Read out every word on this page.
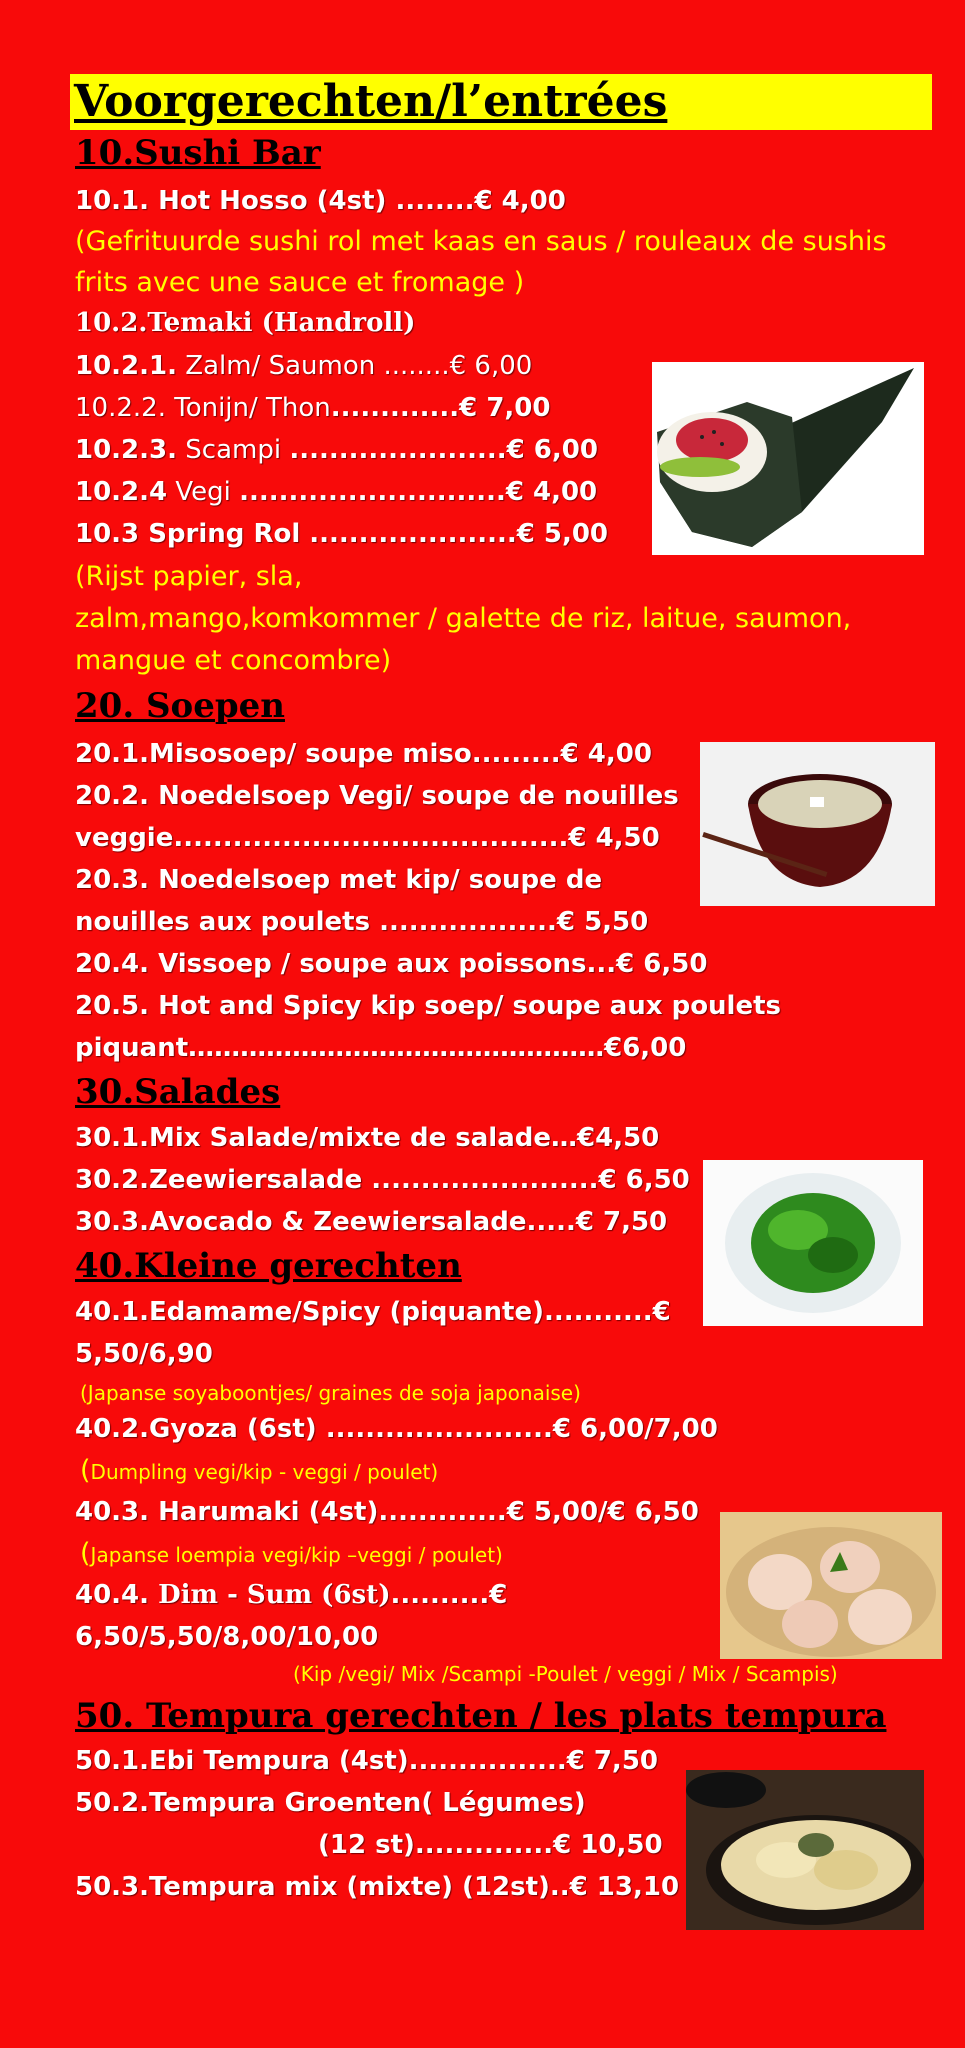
Voorgerechten/l’entrées
10.Sushi Bar
10.1. Hot Hosso (4st) ........€ 4,00
(Gefrituurde sushi rol met kaas en saus / rouleaux de sushis
frits avec une sauce et fromage )
10.2.Temaki (Handroll)
10.2.1. Zalm/ Saumon ........€ 6,00
10.2.2. Tonijn/ Thon.............€ 7,00
10.2.3. Scampi ......................€ 6,00
10.2.4 Vegi ...........................€ 4,00
10.3 Spring Rol .....................€ 5,00
(Rijst papier, sla,
zalm,mango,komkommer / galette de riz, laitue, saumon,
mangue et concombre)
20. Soepen
20.1.Misosoep/ soupe miso.........€ 4,00
20.2. Noedelsoep Vegi/ soupe de nouilles
veggie........................................€ 4,50
20.3. Noedelsoep met kip/ soupe de
nouilles aux poulets ..................€ 5,50
20.4. Vissoep / soupe aux poissons...€ 6,50
20.5. Hot and Spicy kip soep/ soupe aux poulets
piquant…………………………………………€6,00
30.Salades
30.1.Mix Salade/mixte de salade…€4,50
30.2.Zeewiersalade .......................€ 6,50
30.3.Avocado & Zeewiersalade.....€ 7,50
40.Kleine gerechten
40.1.Edamame/Spicy (piquante)...........€
5,50/6,90
(Japanse soyaboontjes/ graines de soja japonaise)
40.2.Gyoza (6st) .......................€ 6,00/7,00
(Dumpling vegi/kip - veggi / poulet)
40.3. Harumaki (4st).............€ 5,00/€ 6,50
(Japanse loempia vegi/kip –veggi / poulet)
40.4. Dim - Sum (6st)..........€
6,50/5,50/8,00/10,00
(Kip /vegi/ Mix /Scampi -Poulet / veggi / Mix / Scampis)
50. Tempura gerechten / les plats tempura
50.1.Ebi Tempura (4st)................€ 7,50
50.2.Tempura Groenten( Légumes)
(12 st)..............€ 10,50
50.3.Tempura mix (mixte) (12st)..€ 13,10
